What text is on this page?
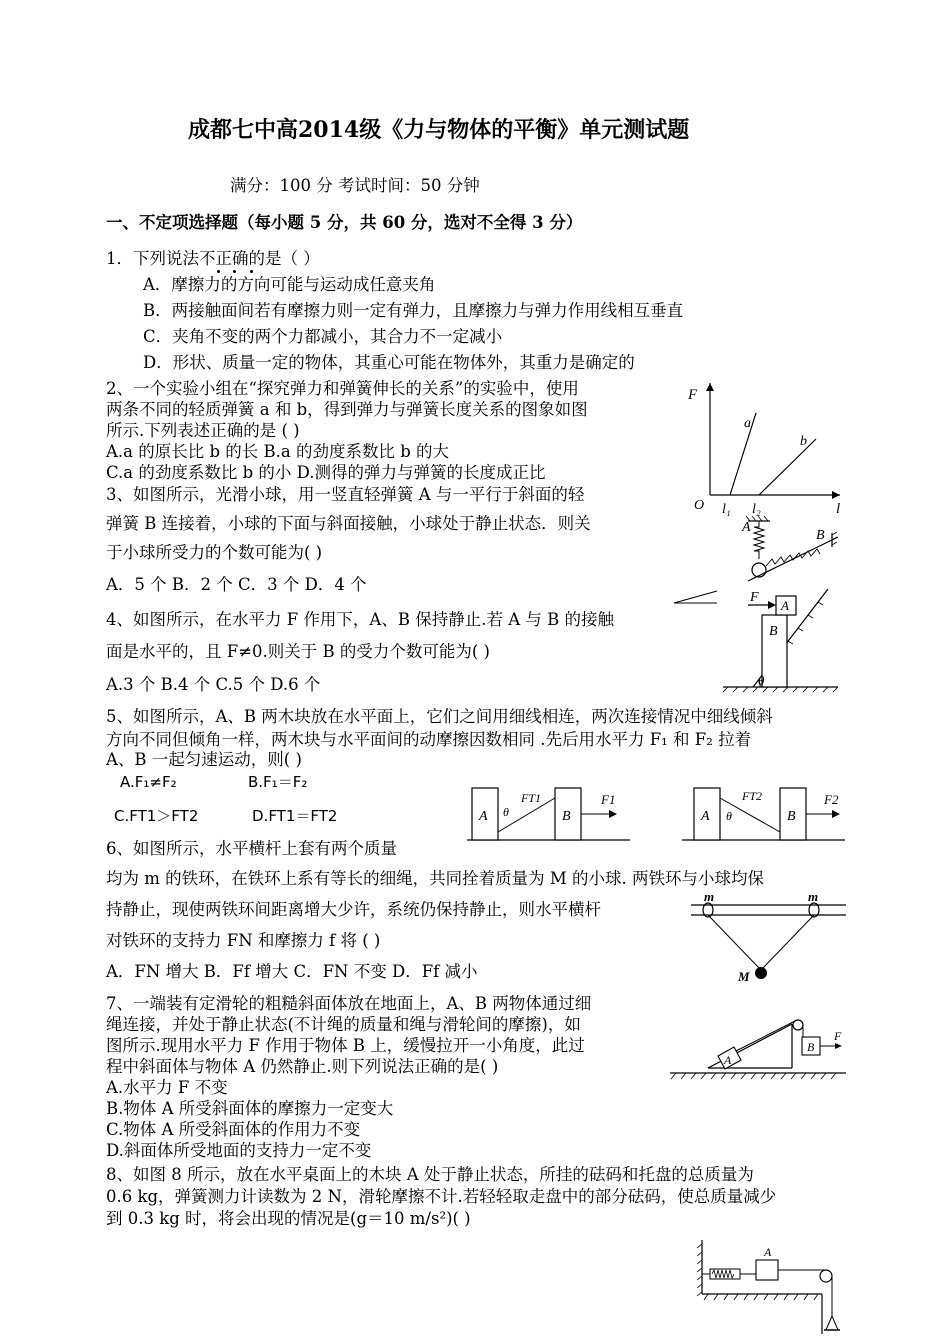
成都七中高2014级《力与物体的平衡》单元测试题
满分：100 分 考试时间：50 分钟
一、不定项选择题（每小题 5 分，共 60 分，选对不全得 3 分）
1．下列说法不正确的是（ ）
A．摩擦力的方向可能与运动成任意夹角
B．两接触面间若有摩擦力则一定有弹力，且摩擦力与弹力作用线相互垂直
C．夹角不变的两个力都减小，其合力不一定减小
D．形状、质量一定的物体，其重心可能在物体外，其重力是确定的
2、一个实验小组在“探究弹力和弹簧伸长的关系”的实验中，使用
两条不同的轻质弹簧 a 和 b，得到弹力与弹簧长度关系的图象如图
所示.下列表述正确的是 ( )
A.a 的原长比 b 的长 B.a 的劲度系数比 b 的大
C.a 的劲度系数比 b 的小 D.测得的弹力与弹簧的长度成正比
F
a
b
O l₁ l₂	l
3、如图所示，光滑小球，用一竖直轻弹簧 A 与一平行于斜面的轻
弹簧 B 连接着，小球的下面与斜面接触，小球处于静止状态．则关
于小球所受力的个数可能为( )
A．5 个 B．2 个 C．3 个 D．4 个
A
B
4、如图所示，在水平力 F 作用下，A、B 保持静止.若 A 与 B 的接触
面是水平的，且 F≠0.则关于 B 的受力个数可能为( )
A.3 个 B.4 个 C.5 个 D.6 个
F
A
B
θ
5、如图所示，A、B 两木块放在水平面上，它们之间用细线相连，两次连接情况中细线倾斜
方向不同但倾角一样，两木块与水平面间的动摩擦因数相同 .先后用水平力 F₁ 和 F₂ 拉着
A、B 一起匀速运动，则( )
A.F₁≠F₂	B.F₁＝F₂
C.FT1＞FT2	D.FT1＝FT2	A	B
θ
FT1	F1
A	B
θ
FT2	F2
6、如图所示，水平横杆上套有两个质量
均为 m 的铁环，在铁环上系有等长的细绳，共同拴着质量为 M 的小球. 两铁环与小球均保
持静止，现使两铁环间距离增大少许，系统仍保持静止，则水平横杆
对铁环的支持力 FN 和摩擦力 f 将 ( )
A．FN 增大 B．Ff 增大 C．FN 不变 D．Ff 减小
m	m
M
7、一端装有定滑轮的粗糙斜面体放在地面上，A、B 两物体通过细
绳连接，并处于静止状态(不计绳的质量和绳与滑轮间的摩擦)，如
图所示.现用水平力 F 作用于物体 B 上，缓慢拉开一小角度，此过
程中斜面体与物体 A 仍然静止.则下列说法正确的是( )
A.水平力 F 不变
B.物体 A 所受斜面体的摩擦力一定变大
C.物体 A 所受斜面体的作用力不变
D.斜面体所受地面的支持力一定不变
A
B
F
8、如图 8 所示，放在水平桌面上的木块 A 处于静止状态，所挂的砝码和托盘的总质量为
0.6 kg，弹簧测力计读数为 2 N，滑轮摩擦不计.若轻轻取走盘中的部分砝码，使总质量减少
到 0.3 kg 时，将会出现的情况是(g＝10 m/s²)( )
A
